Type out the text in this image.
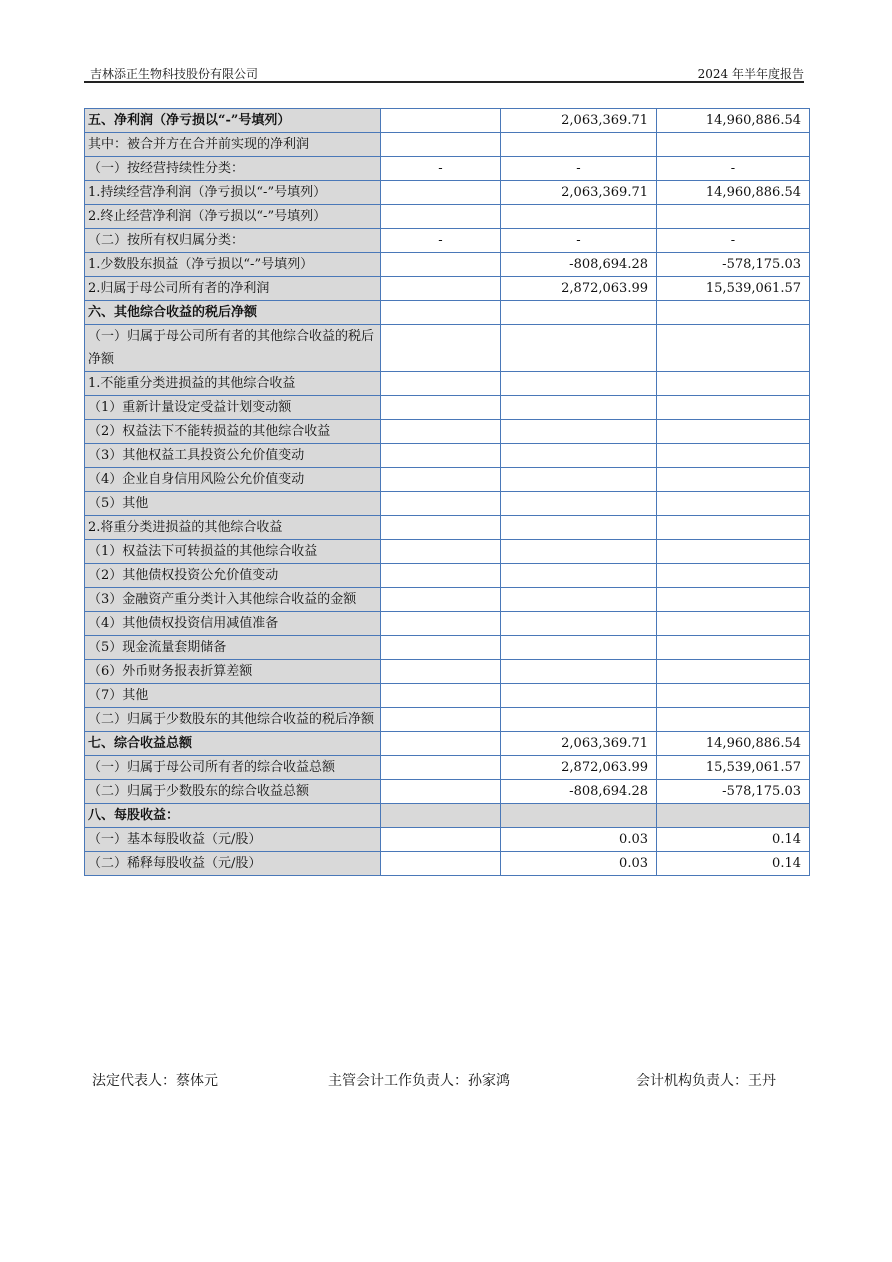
吉林添正生物科技股份有限公司	2024 年半年度报告
五、净利润（净亏损以“-”号填列）		2,063,369.71	14,960,886.54
其中：被合并方在合并前实现的净利润			
（一）按经营持续性分类：	-	-	-
1.持续经营净利润（净亏损以“-”号填列）		2,063,369.71	14,960,886.54
2.终止经营净利润（净亏损以“-”号填列）			
（二）按所有权归属分类：	-	-	-
1.少数股东损益（净亏损以“-”号填列）		-808,694.28	-578,175.03
2.归属于母公司所有者的净利润		2,872,063.99	15,539,061.57
六、其他综合收益的税后净额			
（一）归属于母公司所有者的其他综合收益的税后净额			
1.不能重分类进损益的其他综合收益			
（1）重新计量设定受益计划变动额			
（2）权益法下不能转损益的其他综合收益			
（3）其他权益工具投资公允价值变动			
（4）企业自身信用风险公允价值变动			
（5）其他			
2.将重分类进损益的其他综合收益			
（1）权益法下可转损益的其他综合收益			
（2）其他债权投资公允价值变动			
（3）金融资产重分类计入其他综合收益的金额			
（4）其他债权投资信用减值准备			
（5）现金流量套期储备			
（6）外币财务报表折算差额			
（7）其他			
（二）归属于少数股东的其他综合收益的税后净额			
七、综合收益总额		2,063,369.71	14,960,886.54
（一）归属于母公司所有者的综合收益总额		2,872,063.99	15,539,061.57
（二）归属于少数股东的综合收益总额		-808,694.28	-578,175.03
八、每股收益：			
（一）基本每股收益（元/股）		0.03	0.14
（二）稀释每股收益（元/股）		0.03	0.14
法定代表人：蔡体元	主管会计工作负责人：孙家鸿	会计机构负责人：王丹
